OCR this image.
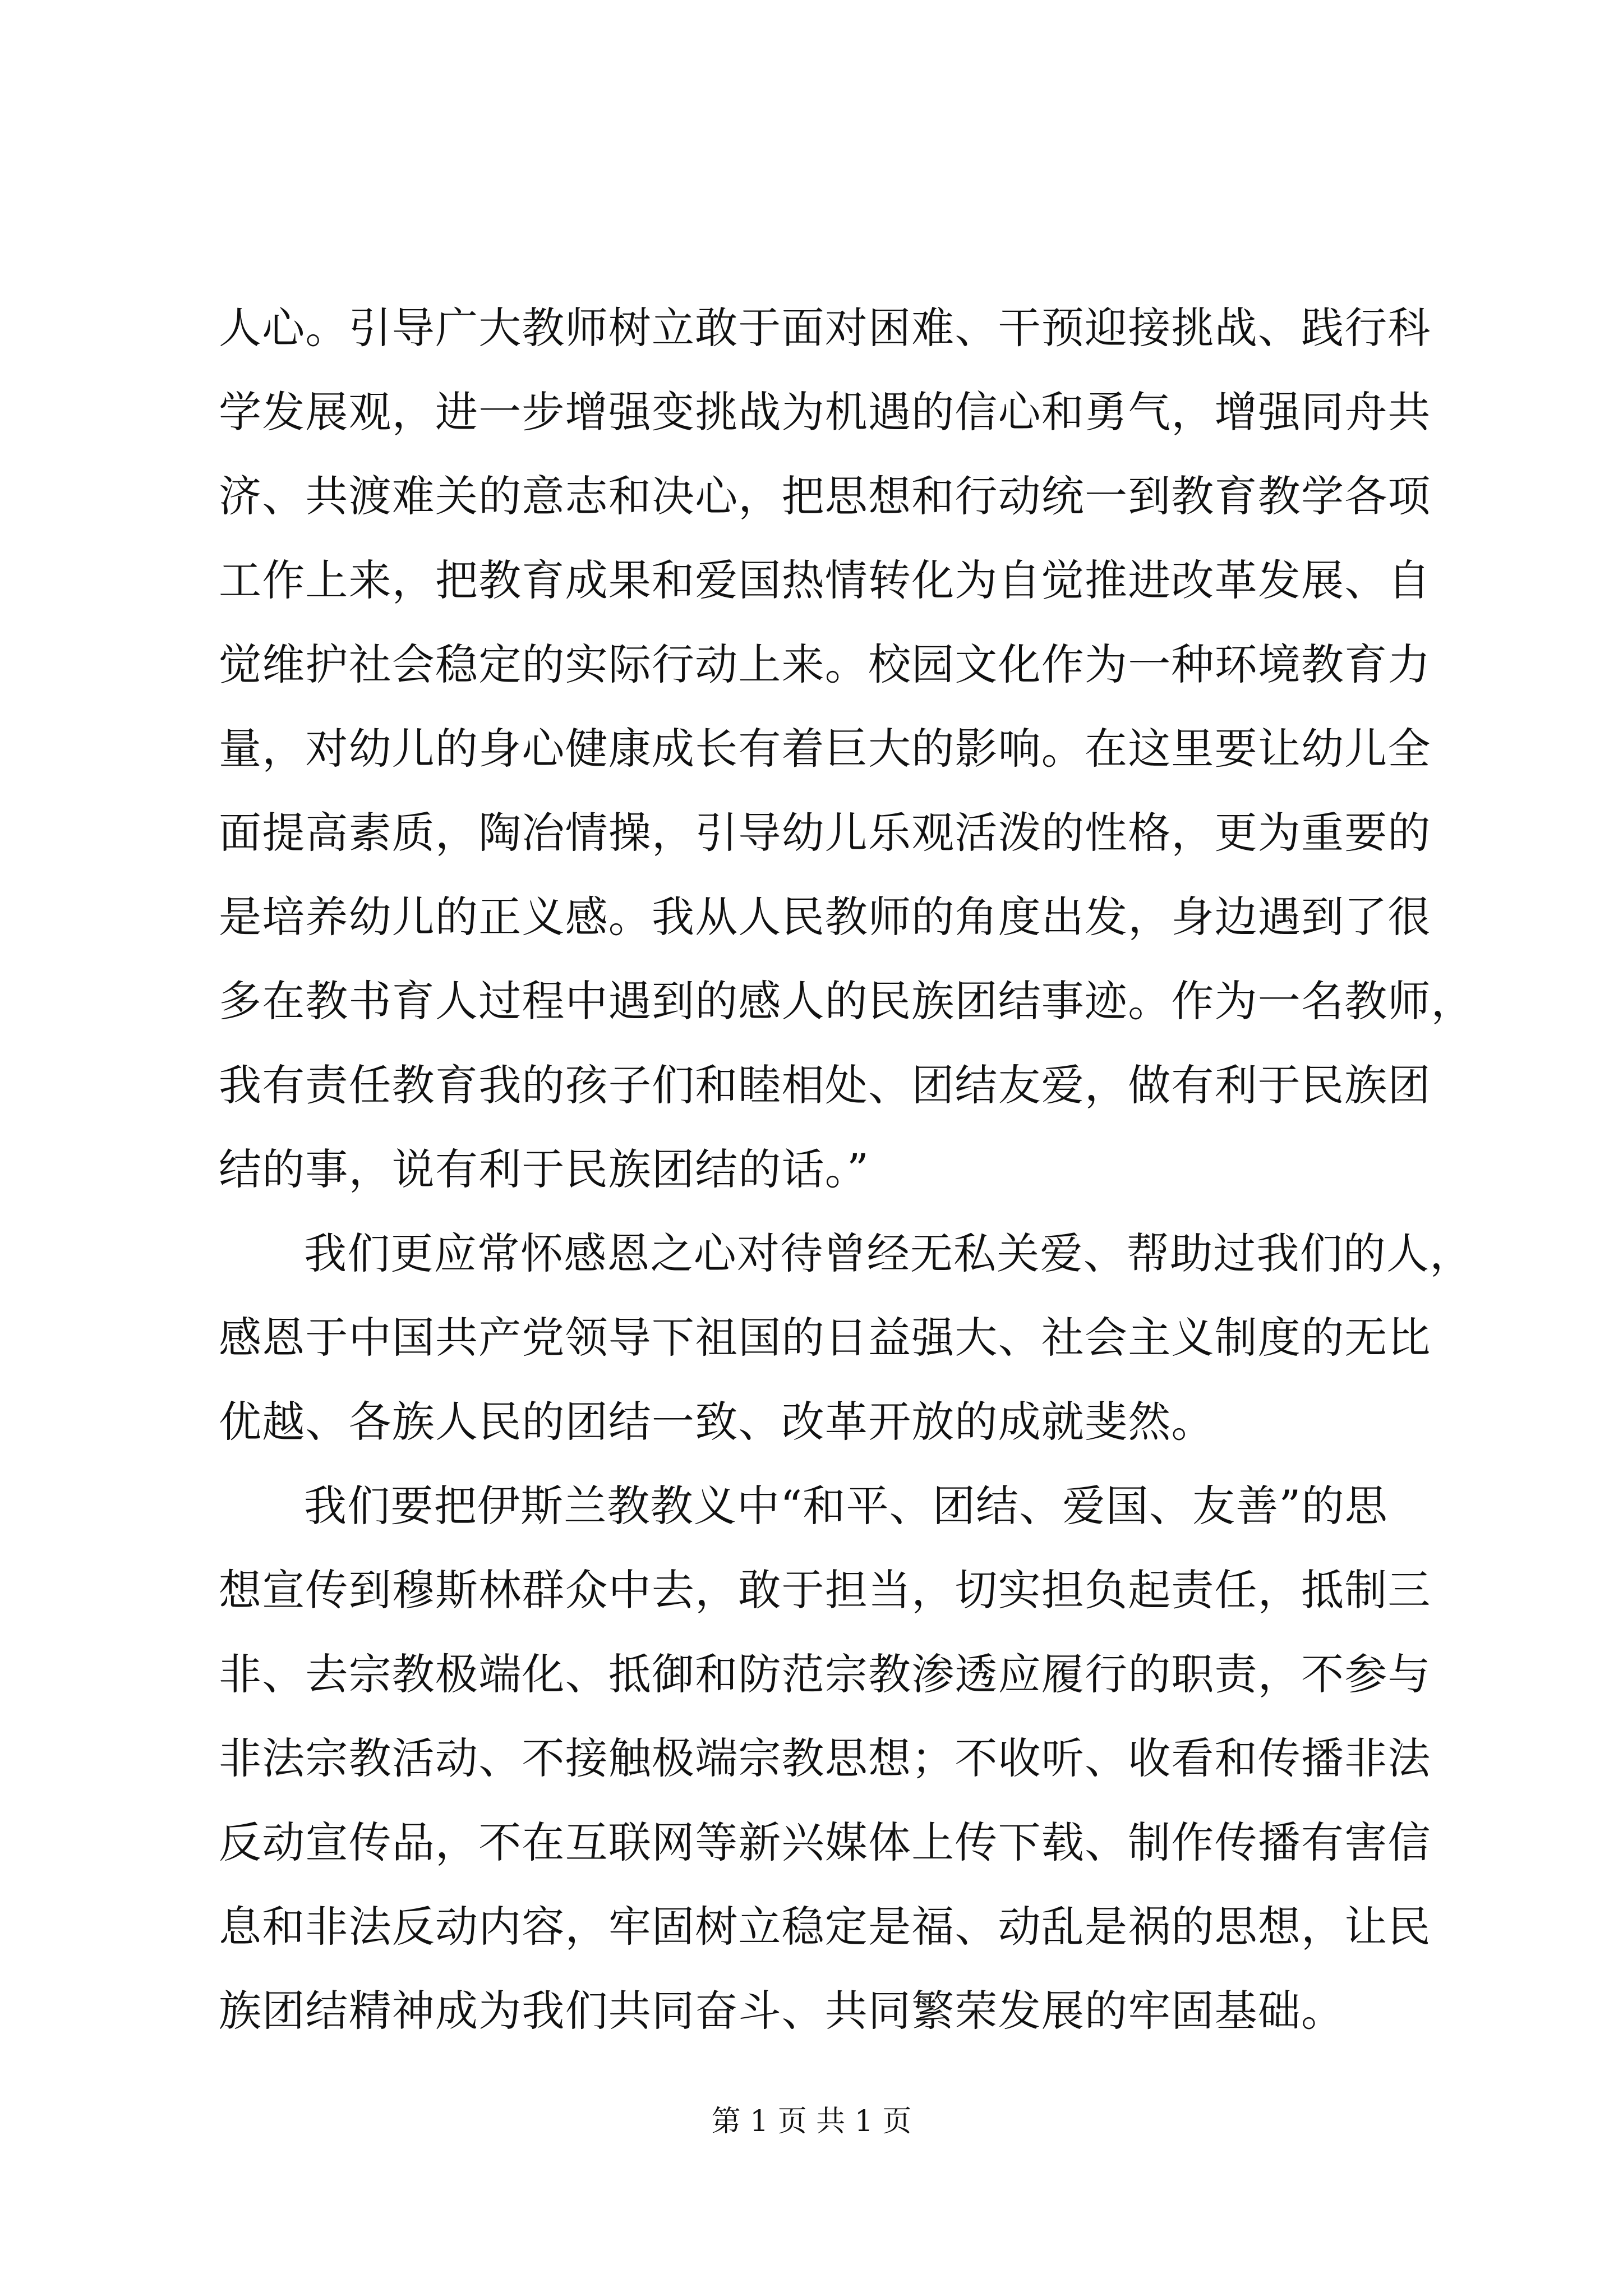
人心。引导广大教师树立敢于面对困难、干预迎接挑战、践行科
学发展观，进一步增强变挑战为机遇的信心和勇气，增强同舟共
济、共渡难关的意志和决心，把思想和行动统一到教育教学各项
工作上来，把教育成果和爱国热情转化为自觉推进改革发展、自
觉维护社会稳定的实际行动上来。校园文化作为一种环境教育力
量，对幼儿的身心健康成长有着巨大的影响。在这里要让幼儿全
面提高素质，陶冶情操，引导幼儿乐观活泼的性格，更为重要的
是培养幼儿的正义感。我从人民教师的角度出发，身边遇到了很
多在教书育人过程中遇到的感人的民族团结事迹。作为一名教师，
我有责任教育我的孩子们和睦相处、团结友爱，做有利于民族团
结的事，说有利于民族团结的话。”
我们更应常怀感恩之心对待曾经无私关爱、帮助过我们的人，
感恩于中国共产党领导下祖国的日益强大、社会主义制度的无比
优越、各族人民的团结一致、改革开放的成就斐然。
我们要把伊斯兰教教义中“和平、团结、爱国、友善”的思
想宣传到穆斯林群众中去，敢于担当，切实担负起责任，抵制三
非、去宗教极端化、抵御和防范宗教渗透应履行的职责，不参与
非法宗教活动、不接触极端宗教思想；不收听、收看和传播非法
反动宣传品，不在互联网等新兴媒体上传下载、制作传播有害信
息和非法反动内容，牢固树立稳定是福、动乱是祸的思想，让民
族团结精神成为我们共同奋斗、共同繁荣发展的牢固基础。
第 1 页 共 1 页
